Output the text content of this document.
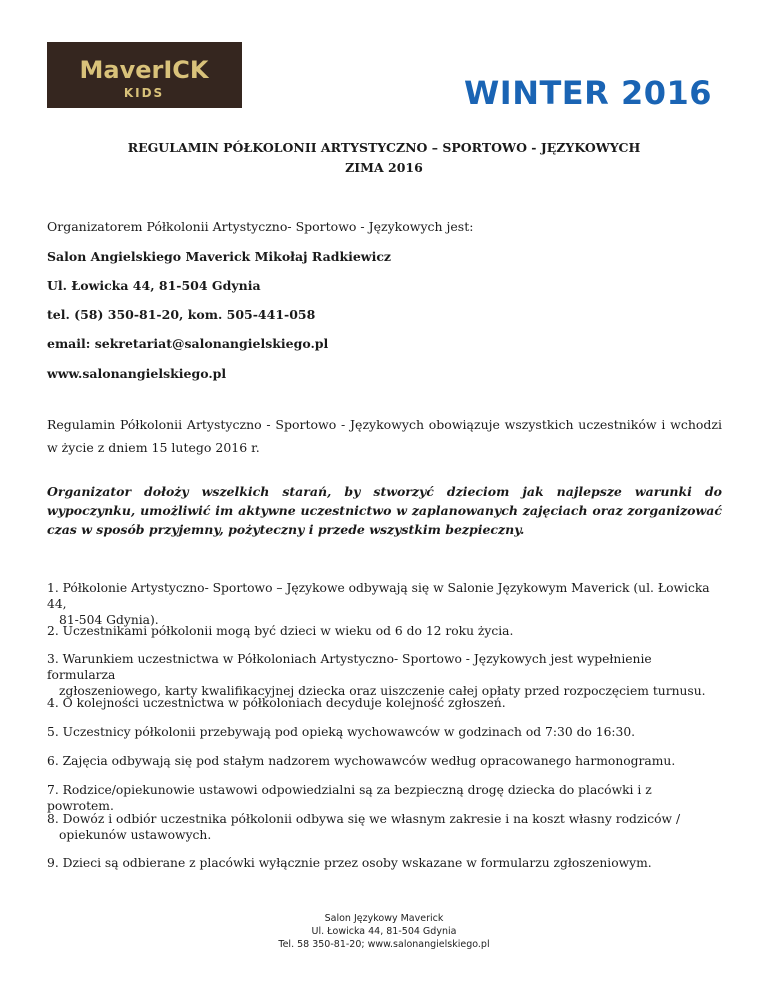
MaverICK
KIDS	WINTER 2016
REGULAMIN PÓŁKOLONII ARTYSTYCZNO – SPORTOWO - JĘZYKOWYCH
ZIMA 2016
Organizatorem Półkolonii Artystyczno- Sportowo - Językowych jest:
Salon Angielskiego Maverick Mikołaj Radkiewicz
Ul. Łowicka 44, 81-504 Gdynia
tel. (58) 350-81-20, kom. 505-441-058
email: sekretariat@salonangielskiego.pl
www.salonangielskiego.pl
Regulamin Półkolonii Artystyczno - Sportowo - Językowych obowiązuje wszystkich uczestników i wchodzi w życie z dniem 15 lutego 2016 r.
Organizator dołoży wszelkich starań, by stworzyć dzieciom jak najlepsze warunki do wypoczynku, umożliwić im aktywne uczestnictwo w zaplanowanych zajęciach oraz zorganizować czas w sposób przyjemny, pożyteczny i przede wszystkim bezpieczny.
1. Półkolonie Artystyczno- Sportowo – Językowe odbywają się w Salonie Językowym Maverick (ul. Łowicka 44,
81-504 Gdynia).
2. Uczestnikami półkolonii mogą być dzieci w wieku od 6 do 12 roku życia.
3. Warunkiem uczestnictwa w Półkoloniach Artystyczno- Sportowo - Językowych jest wypełnienie formularza
zgłoszeniowego, karty kwalifikacyjnej dziecka oraz uiszczenie całej opłaty przed rozpoczęciem turnusu.
4. O kolejności uczestnictwa w półkoloniach decyduje kolejność zgłoszeń.
5. Uczestnicy półkolonii przebywają pod opieką wychowawców w godzinach od 7:30 do 16:30.
6. Zajęcia odbywają się pod stałym nadzorem wychowawców według opracowanego harmonogramu.
7. Rodzice/opiekunowie ustawowi odpowiedzialni są za bezpieczną drogę dziecka do placówki i z powrotem.
8. Dowóz i odbiór uczestnika półkolonii odbywa się we własnym zakresie i na koszt własny rodziców /
opiekunów ustawowych.
9. Dzieci są odbierane z placówki wyłącznie przez osoby wskazane w formularzu zgłoszeniowym.
Salon Językowy Maverick
Ul. Łowicka 44, 81-504 Gdynia
Tel. 58 350-81-20; www.salonangielskiego.pl
